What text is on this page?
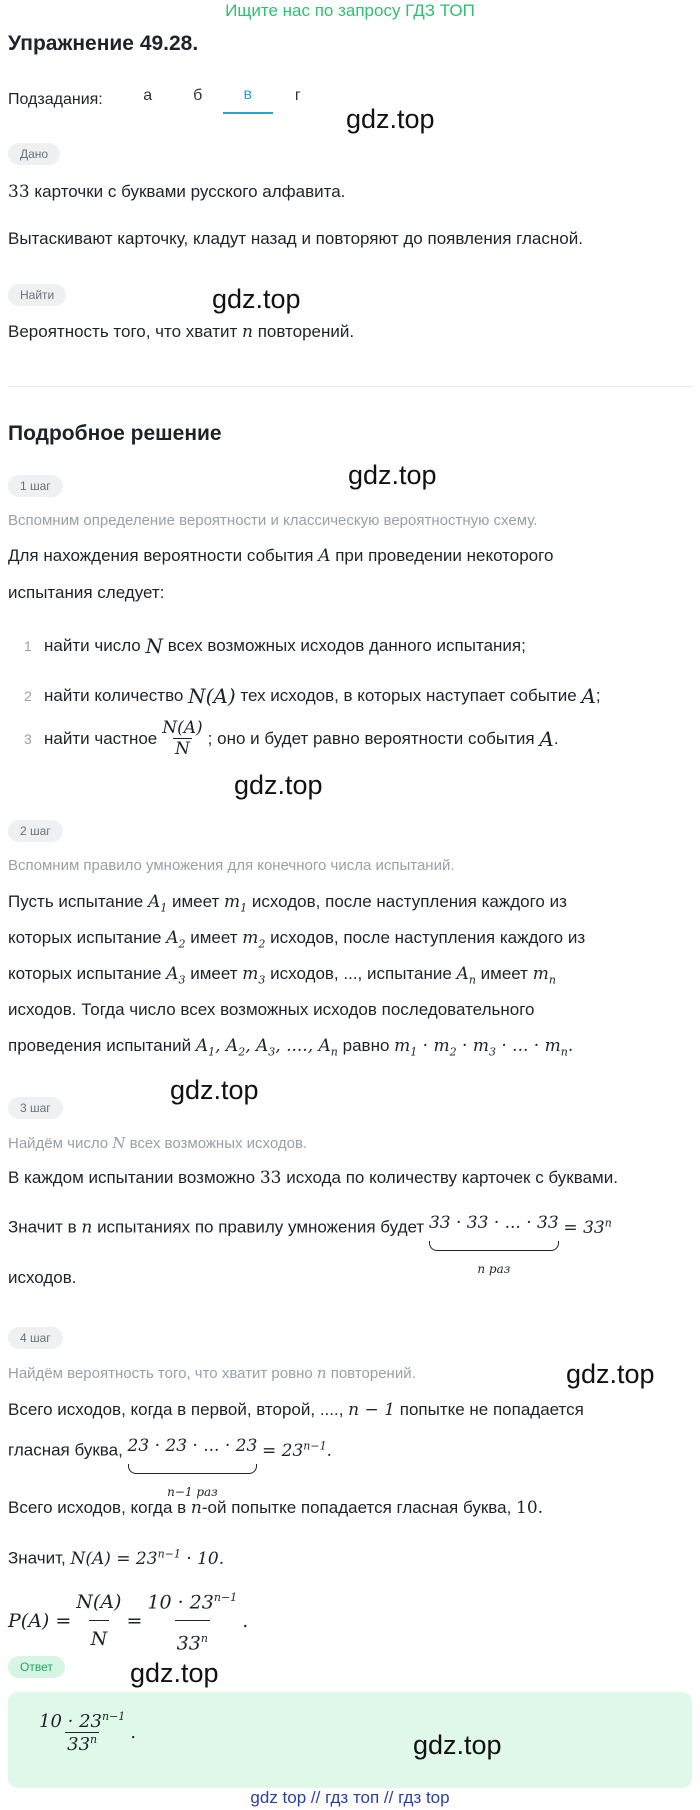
Ищите нас по запросу ГДЗ ТОП
Упражнение 49.28.
Подзадания:	а	б	в	г
gdz.top
Дано
33 карточки с буквами русского алфавита.
Вытаскивают карточку, кладут назад и повторяют до появления гласной.
Найти	gdz.top
Вероятность того, что хватит n повторений.
Подробное решение
1 шаг	gdz.top
Вспомним определение вероятности и классическую вероятностную схему.
Для нахождения вероятности события A при проведении некоторого
испытания следует:
1 найти число
N
всех возможных исходов данного испытания;
2 найти количество
N(A)
тех исходов, в которых наступает событие
A ;
3 найти частное $\frac{N(A)}{N}$ ; оно и будет равно вероятности события
A .
gdz.top
2 шаг
Вспомним правило умножения для конечного числа испытаний.
Пусть испытание $A_1$ имеет $m_1$ исходов, после наступления каждого из
которых испытание $A_2$ имеет $m_2$ исходов, после наступления каждого из
которых испытание $A_3$ имеет $m_3$ исходов, ..., испытание $A_n$ имеет $m_n$
исходов. Тогда число всех возможных исходов последовательного
проведения испытаний $A_1$, $A_2$, $A_3$, ...., $A_n$ равно $m_1 \cdot m_2 \cdot m_3$ · ... · $m_n$.
gdz.top
3 шаг
Найдём число N всех возможных исходов.
В каждом испытании возможно 33 исхода по количеству карточек с буквами.
Значит в n испытаниях по правилу умножения будет 33 · 33 · ... · 33
n раз
= $33^n$
исходов.
4 шаг
gdz.top
Найдём вероятность того, что хватит ровно n повторений.
Всего исходов, когда в первой, второй, ...., n − 1 попытке не попадается
гласная буква, 23 · 23 · ... · 23
n−1 раз
= $23^{n-1}$.
Всего исходов, когда в n-ой попытке попадается гласная буква, 10.
Значит, $N(A) = 23^{n-1} \cdot 10$.
$P(A) = \frac{N(A)}{N} = \frac{10 \cdot 23^{n-1}}{33^n}$ .
Ответ	gdz.top
$\frac{10 \cdot 23^{n-1}}{33^n}$ .	gdz.top
gdz top // гдз топ // гдз top
